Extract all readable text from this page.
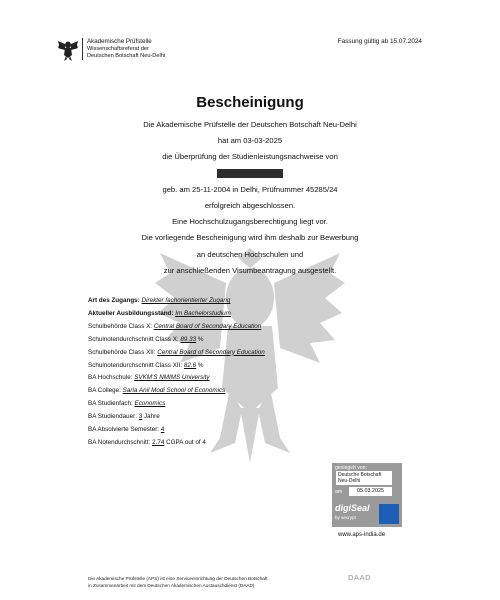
Akademische Prüfstelle
Wissenschaftsreferat der
Deutschen Botschaft Neu-Delhi
Fassung gültig ab 15.07.2024
Bescheinigung
Die Akademische Prüfstelle der Deutschen Botschaft Neu-Delhi
hat am 03-03-2025
die Überprüfung der Studienleistungsnachweise von
geb. am 25-11-2004 in Delhi, Prüfnummer 45285/24
erfolgreich abgeschlossen.
Eine Hochschulzugangsberechtigung liegt vor.
Die vorliegende Bescheinigung wird ihm deshalb zur Bewerbung
an deutschen Hochschulen und
zur anschließenden Visumbeantragung ausgestellt.
Art des Zugangs: Direkter fachorientierter Zugang
Aktueller Ausbildungsstand: Im Bachelorstudium
Schulbehörde Class X: Central Board of Secondary Education
Schulnotendurchschnitt Class X: 89.33 %
Schulbehörde Class XII: Central Board of Secondary Education
Schulnotendurchschnitt Class XII: 82.6 %
BA Hochschule: SVKM'S NMIMS University
BA College: Sarla Anil Modi School of Economics
BA Studienfach: Economics
BA Studiendauer: 3 Jahre
BA Absolvierte Semester: 4
BA Notendurchschnitt: 2.74 CGPA out of 4
gesiegelt von:
Deutsche Botschaft
Neu-Delhi
am	05.03.2025
digiSeal
by secrypt
www.aps-india.de
Die Akademische Prüfstelle (APS) ist eine Serviceeinrichtung der Deutschen Botschaft
in Zusammenarbeit mit dem Deutschen Akademischen Austauschdienst (DAAD)
DAAD
